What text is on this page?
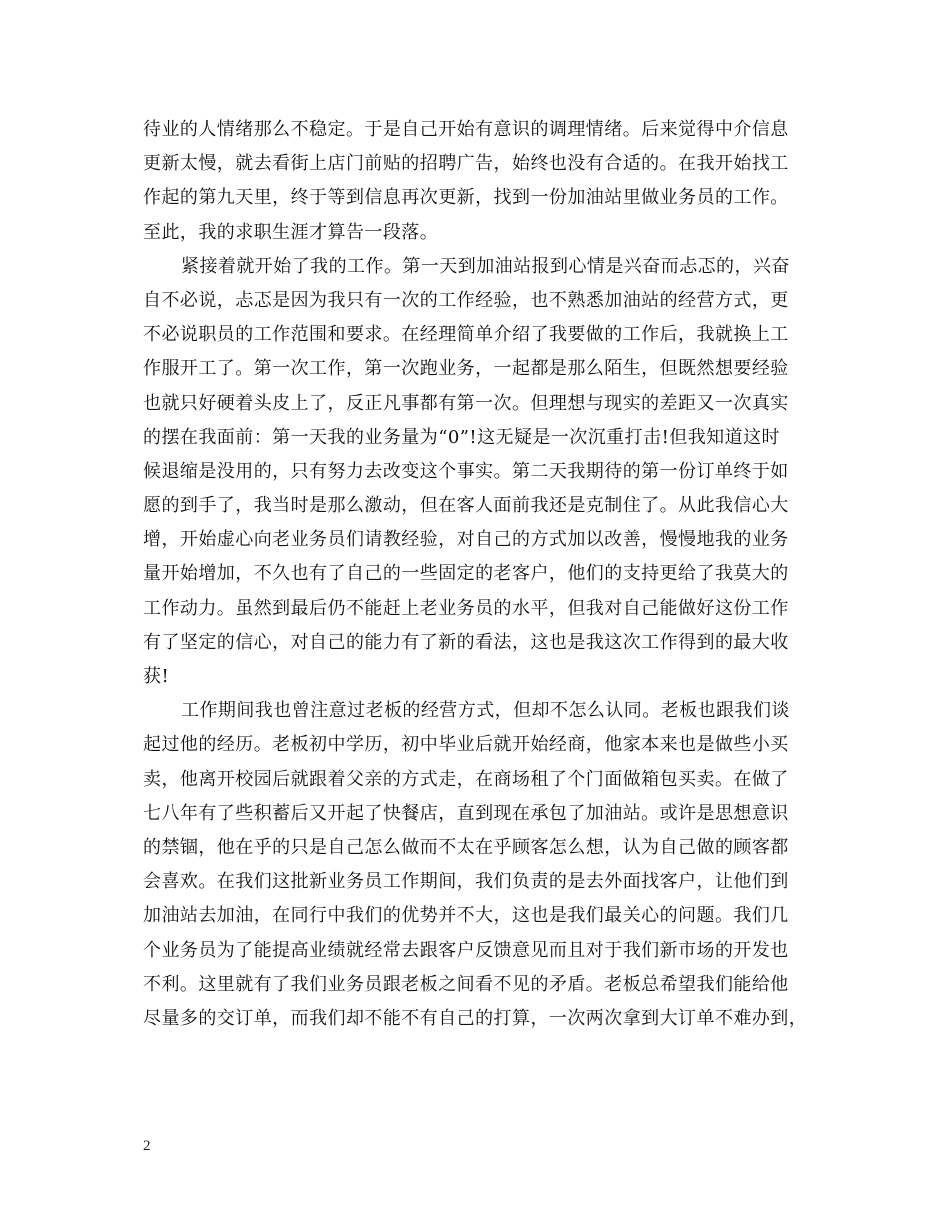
待业的人情绪那么不稳定。于是自己开始有意识的调理情绪。后来觉得中介信息
更新太慢，就去看街上店门前贴的招聘广告，始终也没有合适的。在我开始找工
作起的第九天里，终于等到信息再次更新，找到一份加油站里做业务员的工作。
至此，我的求职生涯才算告一段落。
紧接着就开始了我的工作。第一天到加油站报到心情是兴奋而忐忑的，兴奋
自不必说，忐忑是因为我只有一次的工作经验，也不熟悉加油站的经营方式，更
不必说职员的工作范围和要求。在经理简单介绍了我要做的工作后，我就换上工
作服开工了。第一次工作，第一次跑业务，一起都是那么陌生，但既然想要经验
也就只好硬着头皮上了，反正凡事都有第一次。但理想与现实的差距又一次真实
的摆在我面前：第一天我的业务量为“0”!这无疑是一次沉重打击!但我知道这时
候退缩是没用的，只有努力去改变这个事实。第二天我期待的第一份订单终于如
愿的到手了，我当时是那么激动，但在客人面前我还是克制住了。从此我信心大
增，开始虚心向老业务员们请教经验，对自己的方式加以改善，慢慢地我的业务
量开始增加，不久也有了自己的一些固定的老客户，他们的支持更给了我莫大的
工作动力。虽然到最后仍不能赶上老业务员的水平，但我对自己能做好这份工作
有了坚定的信心，对自己的能力有了新的看法，这也是我这次工作得到的最大收
获!
工作期间我也曾注意过老板的经营方式，但却不怎么认同。老板也跟我们谈
起过他的经历。老板初中学历，初中毕业后就开始经商，他家本来也是做些小买
卖，他离开校园后就跟着父亲的方式走，在商场租了个门面做箱包买卖。在做了
七八年有了些积蓄后又开起了快餐店，直到现在承包了加油站。或许是思想意识
的禁锢，他在乎的只是自己怎么做而不太在乎顾客怎么想，认为自己做的顾客都
会喜欢。在我们这批新业务员工作期间，我们负责的是去外面找客户，让他们到
加油站去加油，在同行中我们的优势并不大，这也是我们最关心的问题。我们几
个业务员为了能提高业绩就经常去跟客户反馈意见而且对于我们新市场的开发也
不利。这里就有了我们业务员跟老板之间看不见的矛盾。老板总希望我们能给他
尽量多的交订单，而我们却不能不有自己的打算，一次两次拿到大订单不难办到，
2
